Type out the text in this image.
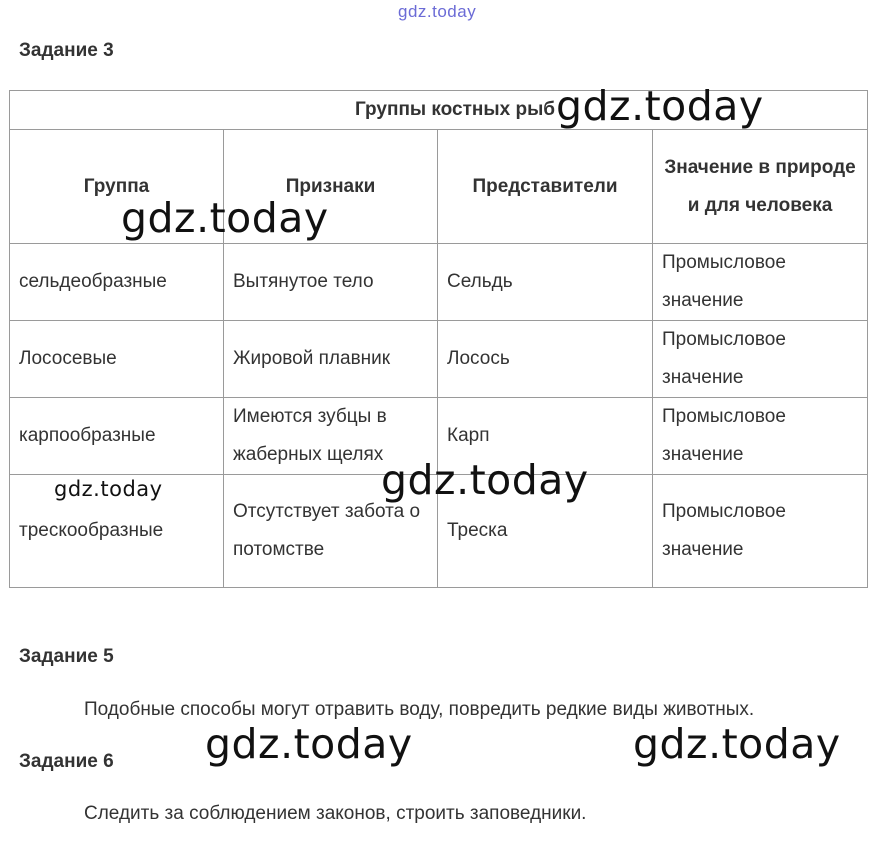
gdz.today
Задание 3
Группы костных рыб			
Группа	Признаки	Представители	Значение в природе и для человека
сельдеобразные	Вытянутое тело	Сельдь	Промысловое значение
Лососевые	Жировой плавник	Лосось	Промысловое значение
карпообразные	Имеются зубцы в жаберных щелях	Карп	Промысловое значение
трескообразные	Отсутствует забота о потомстве	Треска	Промысловое значение
Задание 5
Подобные способы могут отравить воду, повредить редкие виды животных.
Задание 6
Следить за соблюдением законов, строить заповедники.
gdz.today
gdz.today
gdz.today
gdz.today
gdz.today	gdz.today
